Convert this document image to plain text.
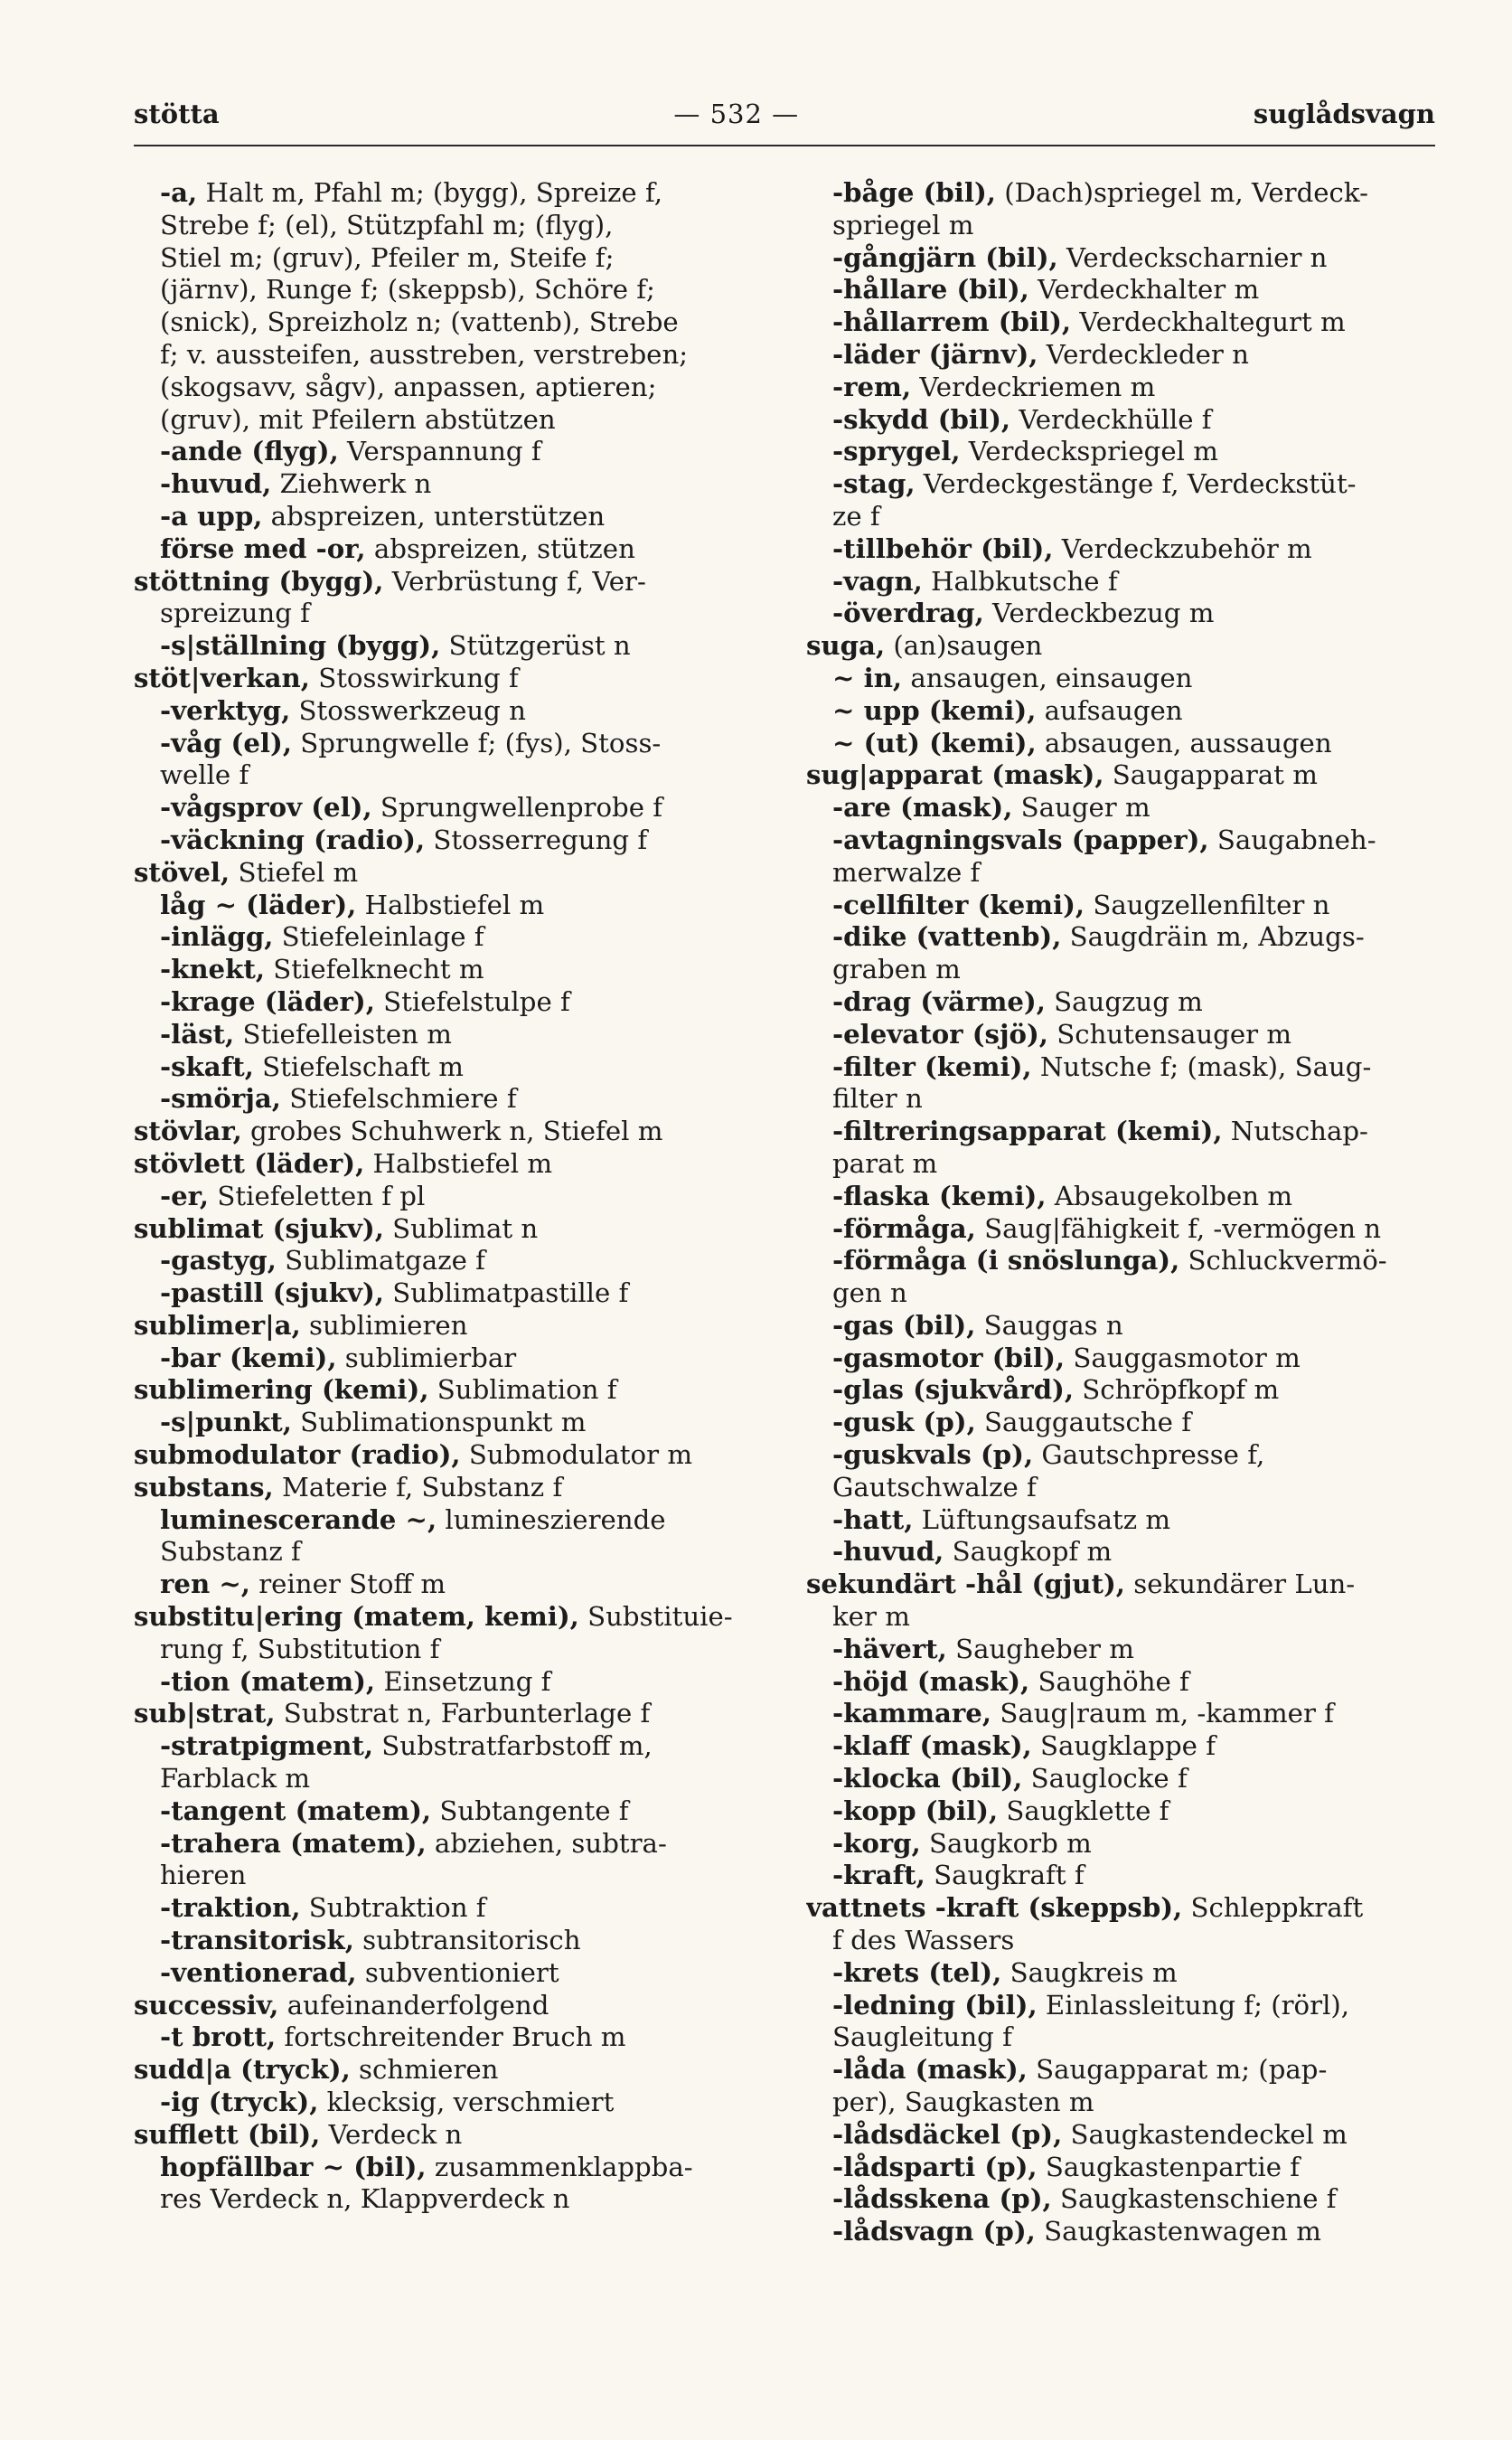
stötta	— 532 —	suglådsvagn
-a, Halt m, Pfahl m; (bygg), Spreize f,
Strebe f; (el), Stützpfahl m; (flyg),
Stiel m; (gruv), Pfeiler m, Steife f;
(järnv), Runge f; (skeppsb), Schöre f;
(snick), Spreizholz n; (vattenb), Strebe
f; v. aussteifen, ausstreben, verstreben;
(skogsavv, sågv), anpassen, aptieren;
(gruv), mit Pfeilern abstützen
-ande (flyg), Verspannung f
-huvud, Ziehwerk n
-a upp, abspreizen, unterstützen
förse med -or, abspreizen, stützen
stöttning (bygg), Verbrüstung f, Ver-
spreizung f
-s|ställning (bygg), Stützgerüst n
stöt|verkan, Stosswirkung f
-verktyg, Stosswerkzeug n
-våg (el), Sprungwelle f; (fys), Stoss-
welle f
-vågsprov (el), Sprungwellenprobe f
-väckning (radio), Stosserregung f
stövel, Stiefel m
låg ~ (läder), Halbstiefel m
-inlägg, Stiefeleinlage f
-knekt, Stiefelknecht m
-krage (läder), Stiefelstulpe f
-läst, Stiefelleisten m
-skaft, Stiefelschaft m
-smörja, Stiefelschmiere f
stövlar, grobes Schuhwerk n, Stiefel m
stövlett (läder), Halbstiefel m
-er, Stiefeletten f pl
sublimat (sjukv), Sublimat n
-gastyg, Sublimatgaze f
-pastill (sjukv), Sublimatpastille f
sublimer|a, sublimieren
-bar (kemi), sublimierbar
sublimering (kemi), Sublimation f
-s|punkt, Sublimationspunkt m
submodulator (radio), Submodulator m
substans, Materie f, Substanz f
luminescerande ~, lumineszierende
Substanz f
ren ~, reiner Stoff m
substitu|ering (matem, kemi), Substituie-
rung f, Substitution f
-tion (matem), Einsetzung f
sub|strat, Substrat n, Farbunterlage f
-stratpigment, Substratfarbstoff m,
Farblack m
-tangent (matem), Subtangente f
-trahera (matem), abziehen, subtra-
hieren
-traktion, Subtraktion f
-transitorisk, subtransitorisch
-ventionerad, subventioniert
successiv, aufeinanderfolgend
-t brott, fortschreitender Bruch m
sudd|a (tryck), schmieren
-ig (tryck), klecksig, verschmiert
sufflett (bil), Verdeck n
hopfällbar ~ (bil), zusammenklappba-
res Verdeck n, Klappverdeck n
-båge (bil), (Dach)spriegel m, Verdeck-
spriegel m
-gångjärn (bil), Verdeckscharnier n
-hållare (bil), Verdeckhalter m
-hållarrem (bil), Verdeckhaltegurt m
-läder (järnv), Verdeckleder n
-rem, Verdeckriemen m
-skydd (bil), Verdeckhülle f
-sprygel, Verdeckspriegel m
-stag, Verdeckgestänge f, Verdeckstüt-
ze f
-tillbehör (bil), Verdeckzubehör m
-vagn, Halbkutsche f
-överdrag, Verdeckbezug m
suga, (an)saugen
~ in, ansaugen, einsaugen
~ upp (kemi), aufsaugen
~ (ut) (kemi), absaugen, aussaugen
sug|apparat (mask), Saugapparat m
-are (mask), Sauger m
-avtagningsvals (papper), Saugabneh-
merwalze f
-cellfilter (kemi), Saugzellenfilter n
-dike (vattenb), Saugdräin m, Abzugs-
graben m
-drag (värme), Saugzug m
-elevator (sjö), Schutensauger m
-filter (kemi), Nutsche f; (mask), Saug-
filter n
-filtreringsapparat (kemi), Nutschap-
parat m
-flaska (kemi), Absaugekolben m
-förmåga, Saug|fähigkeit f, -vermögen n
-förmåga (i snöslunga), Schluckvermö-
gen n
-gas (bil), Sauggas n
-gasmotor (bil), Sauggasmotor m
-glas (sjukvård), Schröpfkopf m
-gusk (p), Sauggautsche f
-guskvals (p), Gautschpresse f,
Gautschwalze f
-hatt, Lüftungsaufsatz m
-huvud, Saugkopf m
sekundärt -hål (gjut), sekundärer Lun-
ker m
-hävert, Saugheber m
-höjd (mask), Saughöhe f
-kammare, Saug|raum m, -kammer f
-klaff (mask), Saugklappe f
-klocka (bil), Sauglocke f
-kopp (bil), Saugklette f
-korg, Saugkorb m
-kraft, Saugkraft f
vattnets -kraft (skeppsb), Schleppkraft
f des Wassers
-krets (tel), Saugkreis m
-ledning (bil), Einlassleitung f; (rörl),
Saugleitung f
-låda (mask), Saugapparat m; (pap-
per), Saugkasten m
-lådsdäckel (p), Saugkastendeckel m
-lådsparti (p), Saugkastenpartie f
-lådsskena (p), Saugkastenschiene f
-lådsvagn (p), Saugkastenwagen m
